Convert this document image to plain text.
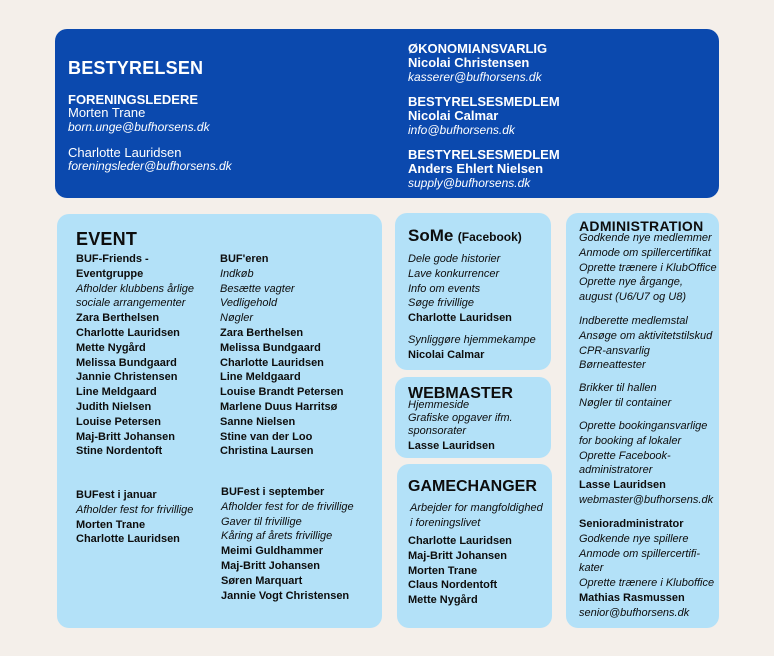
BESTYRELSEN
FORENINGSLEDERE
Morten Trane
born.unge@bufhorsens.dk
Charlotte Lauridsen
foreningsleder@bufhorsens.dk
ØKONOMIANSVARLIG
Nicolai Christensen
kasserer@bufhorsens.dk
BESTYRELSESMEDLEM
Nicolai Calmar
info@bufhorsens.dk
BESTYRELSESMEDLEM
Anders Ehlert Nielsen
supply@bufhorsens.dk
EVENT
BUF-Friends -
Eventgruppe
Afholder klubbens årlige
sociale arrangementer
Zara Berthelsen
Charlotte Lauridsen
Mette Nygård
Melissa Bundgaard
Jannie Christensen
Line Meldgaard
Judith Nielsen
Louise Petersen
Maj-Britt Johansen
Stine Nordentoft
BUF'eren
Indkøb
Besætte vagter
Vedligehold
Nøgler
Zara Berthelsen
Melissa Bundgaard
Charlotte Lauridsen
Line Meldgaard
Louise Brandt Petersen
Marlene Duus Harritsø
Sanne Nielsen
Stine van der Loo
Christina Laursen
BUFest i januar
Afholder fest for frivillige
Morten Trane
Charlotte Lauridsen
BUFest i september
Afholder fest for de frivillige
Gaver til frivillige
Kåring af årets frivillige
Meimi Guldhammer
Maj-Britt Johansen
Søren Marquart
Jannie Vogt Christensen
SoMe (Facebook)
Dele gode historier
Lave konkurrencer
Info om events
Søge frivillige
Charlotte Lauridsen
Synliggøre hjemmekampe
Nicolai Calmar
WEBMASTER
Hjemmeside
Grafiske opgaver ifm.
sponsorater
Lasse Lauridsen
GAMECHANGER
Arbejder for mangfoldighed
i foreningslivet
Charlotte Lauridsen
Maj-Britt Johansen
Morten Trane
Claus Nordentoft
Mette Nygård
ADMINISTRATION
Godkende nye medlemmer
Anmode om spillercertifikat
Oprette trænere i KlubOffice
Oprette nye årgange,
august (U6/U7 og U8)
Indberette medlemstal
Ansøge om aktivitetstilskud
CPR-ansvarlig
Børneattester
Brikker til hallen
Nøgler til container
Oprette bookingansvarlige
for booking af lokaler
Oprette Facebook-
administratorer
Lasse Lauridsen
webmaster@bufhorsens.dk
Senioradministrator
Godkende nye spillere
Anmode om spillercertifi-
kater
Oprette trænere i Kluboffice
Mathias Rasmussen
senior@bufhorsens.dk
